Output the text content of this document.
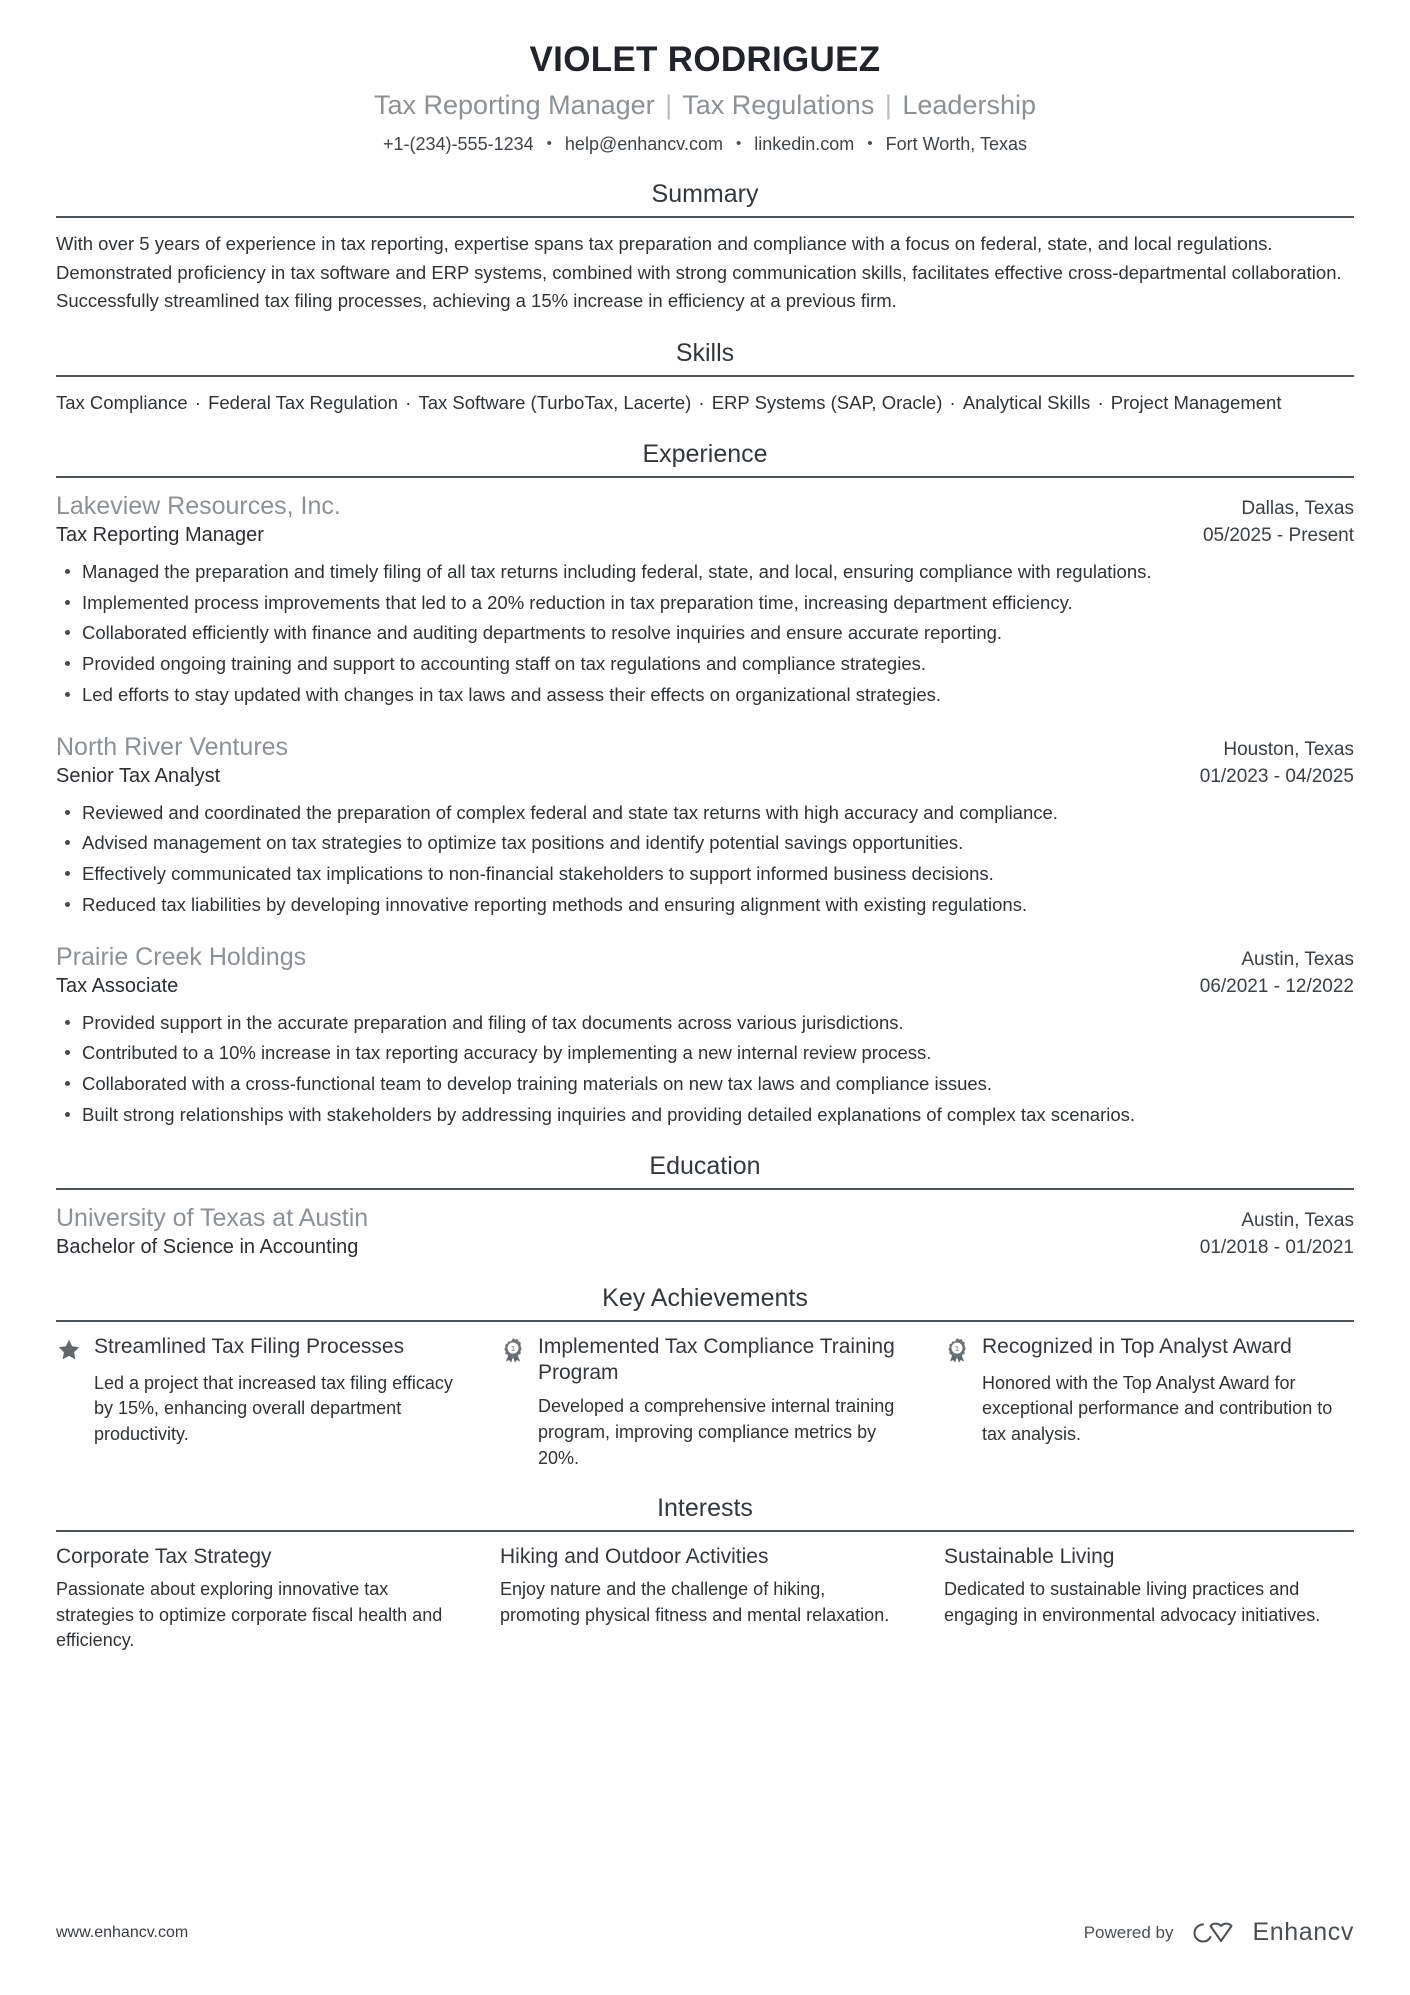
VIOLET RODRIGUEZ
Tax Reporting Manager | Tax Regulations | Leadership
+1-(234)-555-1234 • help@enhancv.com • linkedin.com • Fort Worth, Texas
Summary

With over 5 years of experience in tax reporting, expertise spans tax preparation and compliance with a focus on federal, state, and local regulations. Demonstrated proficiency in tax software and ERP systems, combined with strong communication skills, facilitates effective cross-departmental collaboration. Successfully streamlined tax filing processes, achieving a 15% increase in efficiency at a previous firm.

Skills
Tax Compliance · Federal Tax Regulation · Tax Software (TurboTax, Lacerte) · ERP Systems (SAP, Oracle) · Analytical Skills · Project Management
Experience
Lakeview Resources, Inc.	Dallas, Texas
Tax Reporting Manager	05/2025 - Present
Managed the preparation and timely filing of all tax returns including federal, state, and local, ensuring compliance with regulations.
Implemented process improvements that led to a 20% reduction in tax preparation time, increasing department efficiency.
Collaborated efficiently with finance and auditing departments to resolve inquiries and ensure accurate reporting.
Provided ongoing training and support to accounting staff on tax regulations and compliance strategies.
Led efforts to stay updated with changes in tax laws and assess their effects on organizational strategies.
North River Ventures	Houston, Texas
Senior Tax Analyst	01/2023 - 04/2025
Reviewed and coordinated the preparation of complex federal and state tax returns with high accuracy and compliance.
Advised management on tax strategies to optimize tax positions and identify potential savings opportunities.
Effectively communicated tax implications to non-financial stakeholders to support informed business decisions.
Reduced tax liabilities by developing innovative reporting methods and ensuring alignment with existing regulations.
Prairie Creek Holdings	Austin, Texas
Tax Associate	06/2021 - 12/2022
Provided support in the accurate preparation and filing of tax documents across various jurisdictions.
Contributed to a 10% increase in tax reporting accuracy by implementing a new internal review process.
Collaborated with a cross-functional team to develop training materials on new tax laws and compliance issues.
Built strong relationships with stakeholders by addressing inquiries and providing detailed explanations of complex tax scenarios.
Education
University of Texas at Austin	Austin, Texas
Bachelor of Science in Accounting	01/2018 - 01/2021
Key Achievements
Streamlined Tax Filing Processes
Led a project that increased tax filing efficacy by 15%, enhancing overall department productivity.
1 Implemented Tax Compliance Training Program
Developed a comprehensive internal training program, improving compliance metrics by 20%.
1 Recognized in Top Analyst Award
Honored with the Top Analyst Award for exceptional performance and contribution to tax analysis.
Interests
Corporate Tax Strategy
Passionate about exploring innovative tax strategies to optimize corporate fiscal health and efficiency.
Hiking and Outdoor Activities
Enjoy nature and the challenge of hiking, promoting physical fitness and mental relaxation.
Sustainable Living
Dedicated to sustainable living practices and engaging in environmental advocacy initiatives.
www.enhancv.com	Powered by	Enhancv
